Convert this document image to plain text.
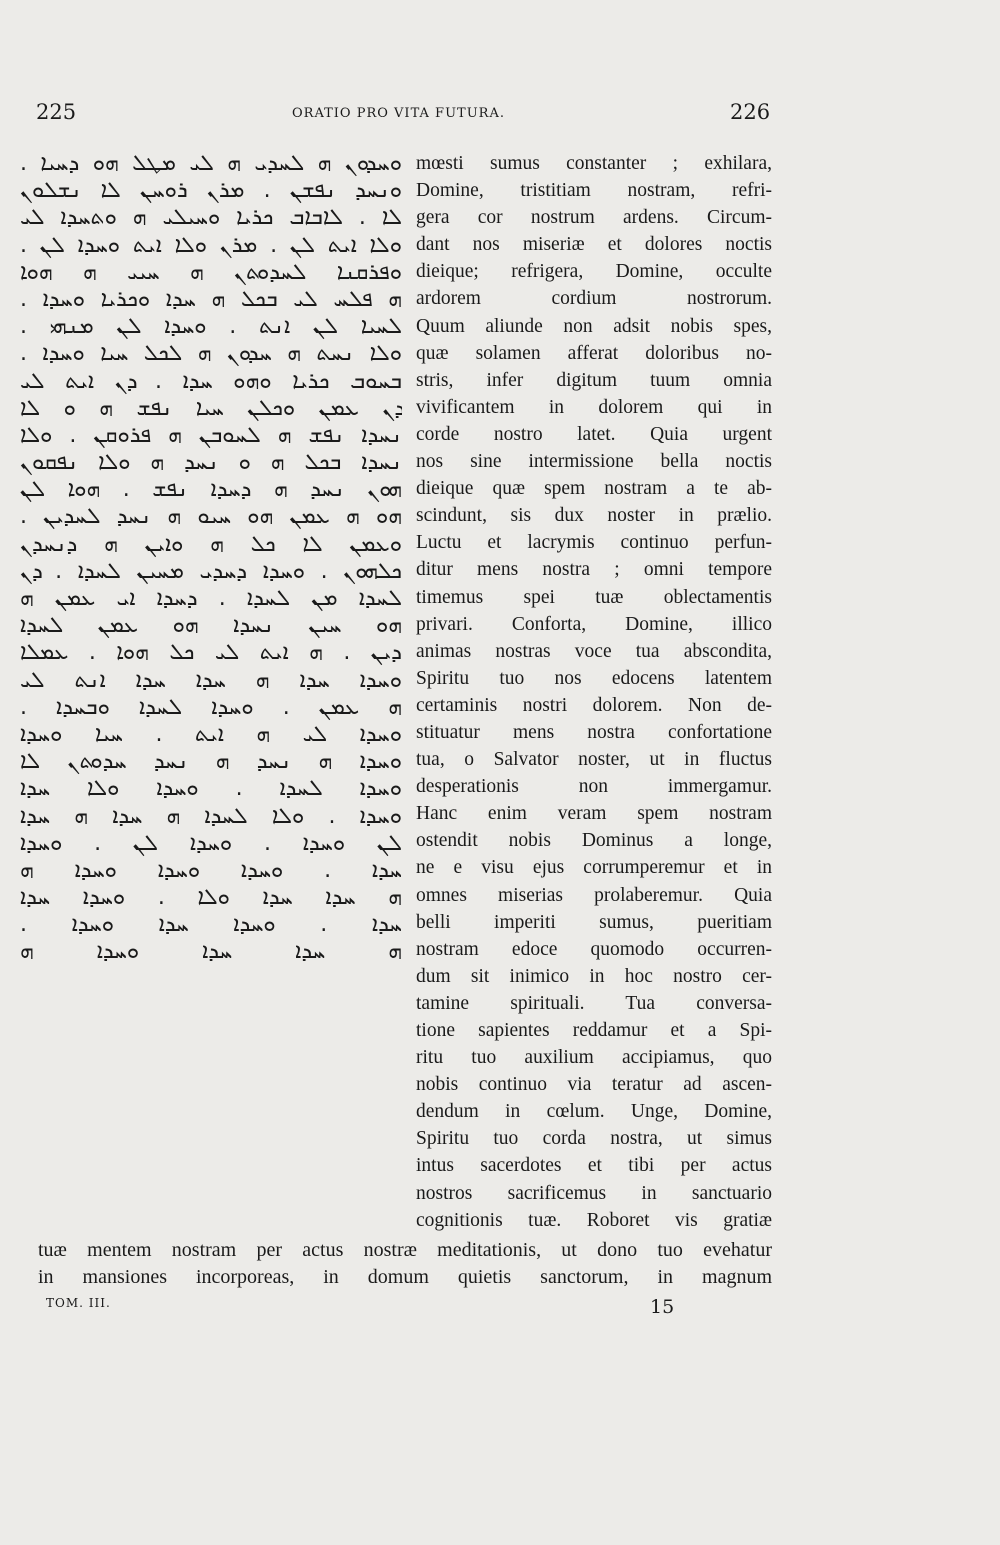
225	ORATIO PRO VITA FUTURA.	226
ܘܚܕܘܢ ܗ ܠܚܕܝ ܗ ܠܝ ܡܛܠ ܗܘ ܕܚܝܐ .
ܘܢܚܕ ܢܦܫܢ . ܡܪܢ ܪܘܚܢ ܠܐ ܢܫܠܘܢ
ܠܐ . ܠܐܒܐܒ ܟܪܝܐ ܘܚܝܠܝ ܗ ܘܬܚܕܐ ܠܝ
ܘܠܐ ܐܝܬ ܠܢ . ܡܪܢ ܘܠܐ ܐܝܬ ܘܚܕܐ ܠܢ .
ܘܦܪܩܢܐ ܠܚܕܘܬܢ ܗ ܚܝܝ ܗ ܗܘܐ
ܗ ܦܠܚ ܠܝ ܒܟܠ ܗ ܚܕܐ ܘܟܪܝܐ ܘܚܕܐ .
ܠܚܝܐ ܠܢ ܐܢܬ . ܘܚܕܐ ܠܢ ܡܢܗܝ .
ܘܠܐ ܢܚܬ ܗ ܚܕܘܢ ܗ ܠܟܠ ܚܝܐ ܘܚܕܐ .
ܒܚܘܒ ܟܪܝܐ ܘܗܘ ܚܕܐ . ܕܢ ܐܝܬ ܠܝ
ܕܢ ܥܡܢ ܘܟܠܢ ܚܝܐ ܢܦܫ ܗ ܘ ܠܐ
ܢܚܕܐ ܢܦܫ ܗ ܠܚܘܒܢ ܗ ܦܪܘܩܢ . ܘܠܐ
ܢܚܕܐ ܒܟܠ ܗ ܘ ܢܚܕ ܗ ܘܠܐ ܢܦܩܘܢ
ܗܘܢ ܢܚܕ ܗ ܕܚܕܐ ܢܦܫ . ܗܘܐ ܠܢ
ܗܘ ܗ ܥܡܢ ܗܘ ܚܝܘ ܗ ܢܚܕ ܠܚܕܝܢ .
ܘܥܡܢ ܠܐ ܟܠ ܗ ܘܐܝܢ ܗ ܕܢܚܕܢ
ܟܠܗܘܢ . ܘܚܕܐ ܕܚܕܝ ܡܚܝܢ ܠܚܕܐ . ܕܢ
ܠܚܕܐ ܡܢ ܠܚܕܐ . ܕܚܕܐ ܐܝ ܥܡܢ ܗ
ܗܘ ܚܝܢ ܢܚܕܐ ܗܘ ܥܡܢ ܠܚܕܐ
ܕܝܢ . ܗ ܐܝܬ ܠܝ ܟܠ ܗܘܐ . ܥܡܠܐ
ܘܚܕܐ ܚܕܐ ܗ ܚܕܐ ܚܕܐ ܐܢܬ ܠܝ
ܗ ܥܡܢ . ܘܚܕܐ ܠܚܕܐ ܘܒܚܕܐ .
ܘܚܕܐ ܠܝ ܗ ܐܝܬ . ܚܝܐ ܘܚܕܐ
ܘܚܕܐ ܗ ܢܚܕ ܗ ܢܚܕ ܚܕܘܬܢ ܠܐ
ܘܚܕܐ ܠܚܕܐ . ܘܚܕܐ ܘܠܐ ܚܕܐ
ܘܚܕܐ . ܘܠܐ ܠܚܕܐ ܗ ܚܕܐ ܗ ܚܕܐ
ܠܢ ܘܚܕܐ . ܘܚܕܐ ܠܢ . ܘܚܕܐ
ܚܕܐ . ܘܚܕܐ ܘܚܕܐ ܘܚܕܐ ܗ
ܗ ܚܕܐ ܚܕܐ ܘܠܐ . ܘܚܕܐ ܚܕܐ
ܚܕܐ . ܘܚܕܐ ܚܕܐ ܘܚܕܐ .
ܗ ܚܕܐ ܚܕܐ ܘܚܕܐ ܗ
mœsti sumus constanter ; exhilara,
Domine, tristitiam nostram, refri-
gera cor nostrum ardens. Circum-
dant nos miseriæ et dolores noctis
dieique; refrigera, Domine, occulte
ardorem cordium nostrorum.
Quum aliunde non adsit nobis spes,
quæ solamen afferat doloribus no-
stris, infer digitum tuum omnia
vivificantem in dolorem qui in
corde nostro latet. Quia urgent
nos sine intermissione bella noctis
dieique quæ spem nostram a te ab-
scindunt, sis dux noster in prælio.
Luctu et lacrymis continuo perfun-
ditur mens nostra ; omni tempore
timemus spei tuæ oblectamentis
privari. Conforta, Domine, illico
animas nostras voce tua abscondita,
Spiritu tuo nos edocens latentem
certaminis nostri dolorem. Non de-
stituatur mens nostra confortatione
tua, o Salvator noster, ut in fluctus
desperationis non immergamur.
Hanc enim veram spem nostram
ostendit nobis Dominus a longe,
ne e visu ejus corrumperemur et in
omnes miserias prolaberemur. Quia
belli imperiti sumus, pueritiam
nostram edoce quomodo occurren-
dum sit inimico in hoc nostro cer-
tamine spirituali. Tua conversa-
tione sapientes reddamur et a Spi-
ritu tuo auxilium accipiamus, quo
nobis continuo via teratur ad ascen-
dendum in cœlum. Unge, Domine,
Spiritu tuo corda nostra, ut simus
intus sacerdotes et tibi per actus
nostros sacrificemus in sanctuario
cognitionis tuæ. Roboret vis gratiæ
tuæ mentem nostram per actus nostræ meditationis, ut dono tuo evehatur
in mansiones incorporeas, in domum quietis sanctorum, in magnum
TOM. III.	15
